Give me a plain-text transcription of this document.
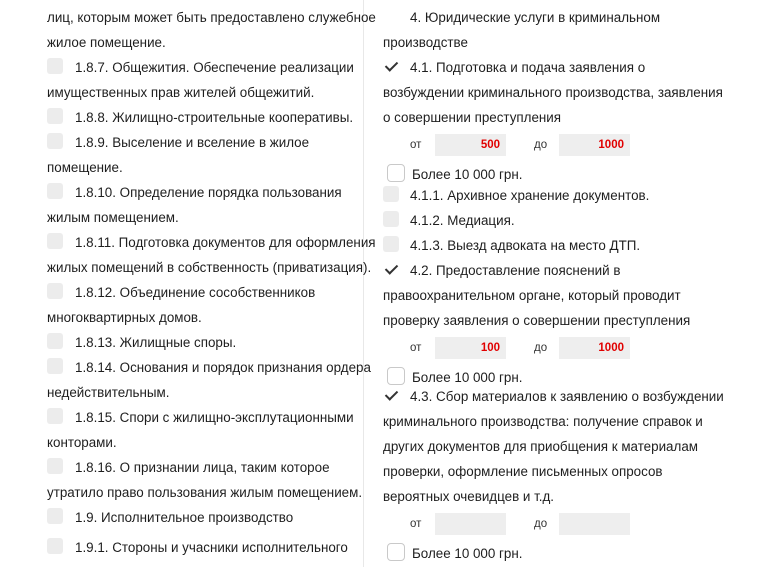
лиц, которым может быть предоставлено служебное
жилое помещение.
1.8.7. Общежития. Обеспечение реализации
имущественных прав жителей общежитий.
1.8.8. Жилищно-строительные кооперативы.
1.8.9. Выселение и вселение в жилое
помещение.
1.8.10. Определение порядка пользования
жилым помещением.
1.8.11. Подготовка документов для оформления
жилых помещений в собственность (приватизация).
1.8.12. Объединение сособственников
многоквартирных домов.
1.8.13. Жилищные споры.
1.8.14. Основания и порядок признания ордера
недействительным.
1.8.15. Спори с жилищно-эксплутационными
конторами.
1.8.16. О признании лица, таким которое
утратило право пользования жилым помещением.
1.9. Исполнительное производство
1.9.1. Стороны и учасники исполнительного
4. Юридические услуги в криминальном
производстве
4.1. Подготовка и подача заявления о
возбуждении криминального производства, заявления
о совершении преступления
от	500	до	1000
Более 10 000 грн.
4.1.1. Архивное хранение документов.
4.1.2. Медиация.
4.1.3. Выезд адвоката на место ДТП.
4.2. Предоставление пояснений в
правоохранительном органе, который проводит
проверку заявления о совершении преступления
от	100	до	1000
Более 10 000 грн.
4.3. Сбор материалов к заявлению о возбуждении
криминального производства: получение справок и
других документов для приобщения к материалам
проверки, оформление письменных опросов
вероятных очевидцев и т.д.
от	до
Более 10 000 грн.
